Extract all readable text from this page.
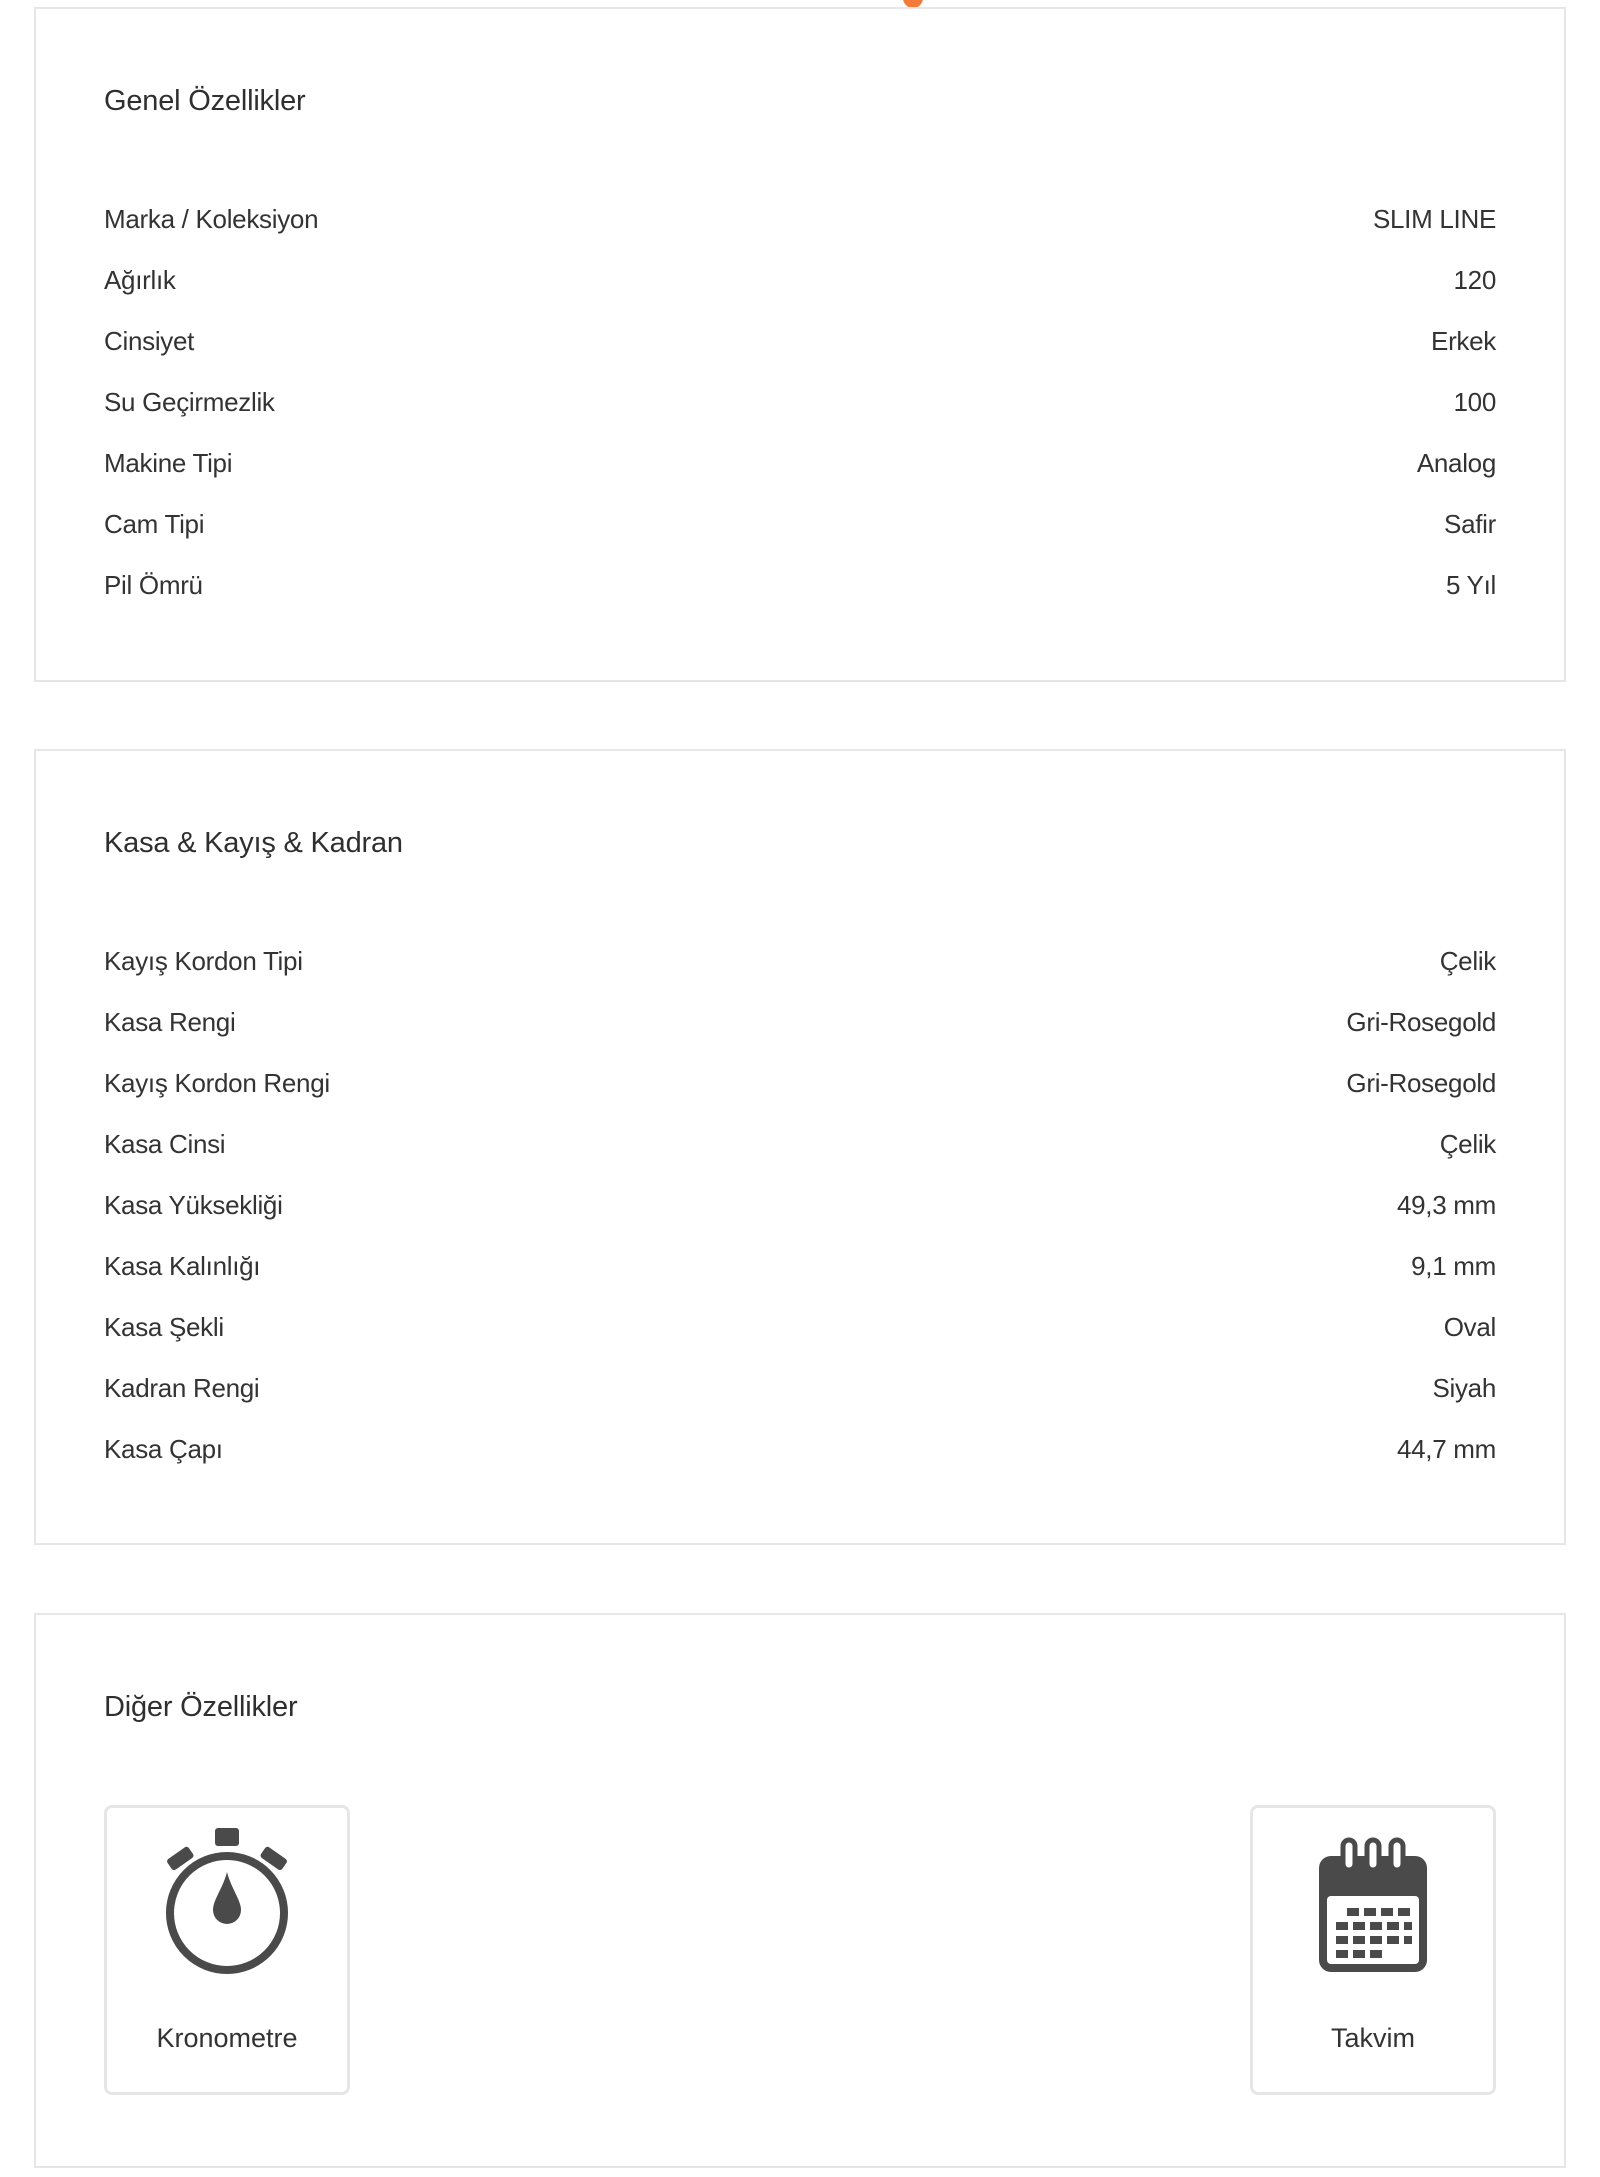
Genel Özellikler
Marka / Koleksiyon	SLIM LINE
Ağırlık	120
Cinsiyet	Erkek
Su Geçirmezlik	100
Makine Tipi	Analog
Cam Tipi	Safir
Pil Ömrü	5 Yıl
Kasa & Kayış & Kadran
Kayış Kordon Tipi	Çelik
Kasa Rengi	Gri-Rosegold
Kayış Kordon Rengi	Gri-Rosegold
Kasa Cinsi	Çelik
Kasa Yüksekliği	49,3 mm
Kasa Kalınlığı	9,1 mm
Kasa Şekli	Oval
Kadran Rengi	Siyah
Kasa Çapı	44,7 mm
Diğer Özellikler
Kronometre	Takvim
